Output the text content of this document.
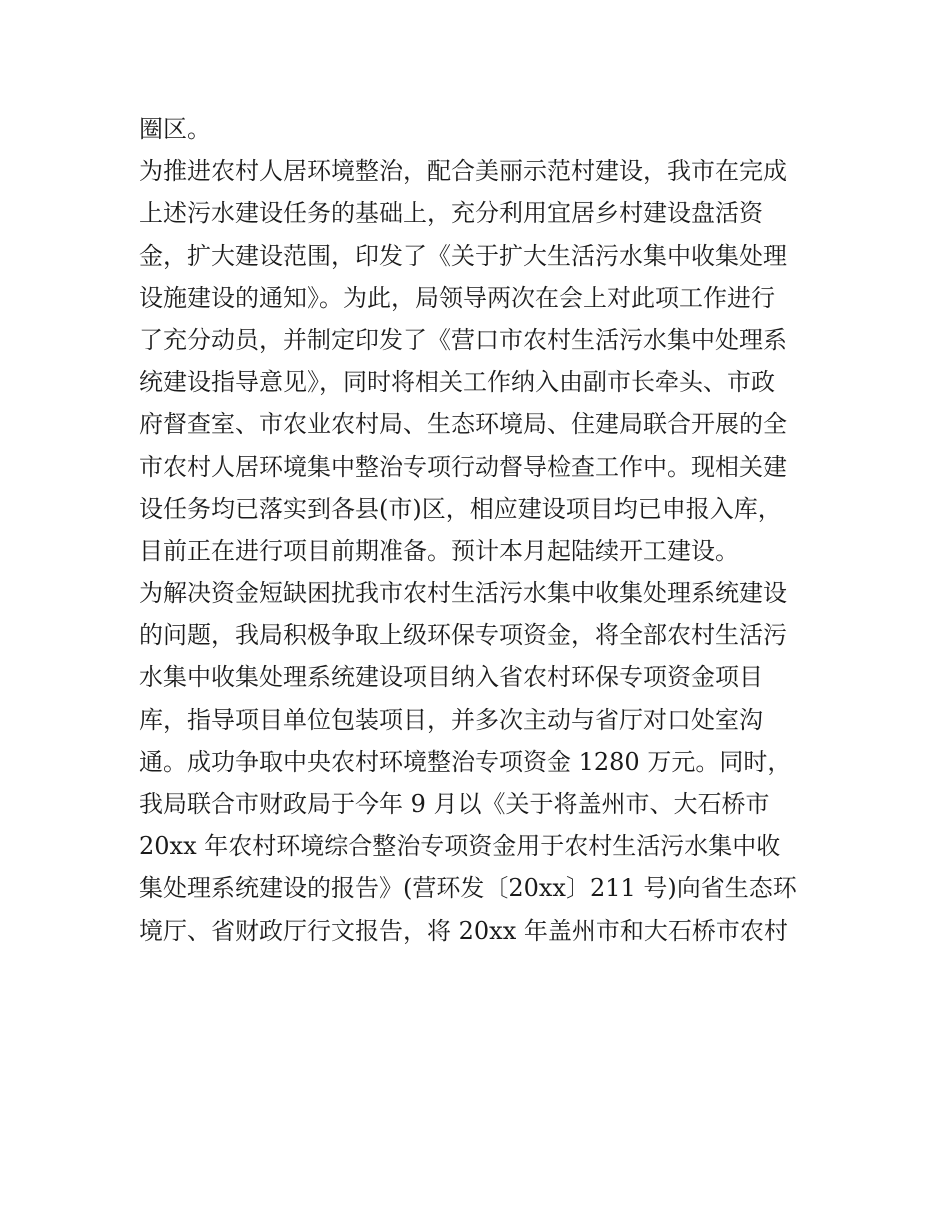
圈区。
为推进农村人居环境整治，配合美丽示范村建设，我市在完成
上述污水建设任务的基础上，充分利用宜居乡村建设盘活资
金，扩大建设范围，印发了《关于扩大生活污水集中收集处理
设施建设的通知》。为此，局领导两次在会上对此项工作进行
了充分动员，并制定印发了《营口市农村生活污水集中处理系
统建设指导意见》，同时将相关工作纳入由副市长牵头、市政
府督查室、市农业农村局、生态环境局、住建局联合开展的全
市农村人居环境集中整治专项行动督导检查工作中。现相关建
设任务均已落实到各县(市)区，相应建设项目均已申报入库，
目前正在进行项目前期准备。预计本月起陆续开工建设。
为解决资金短缺困扰我市农村生活污水集中收集处理系统建设
的问题，我局积极争取上级环保专项资金，将全部农村生活污
水集中收集处理系统建设项目纳入省农村环保专项资金项目
库，指导项目单位包装项目，并多次主动与省厅对口处室沟
通。成功争取中央农村环境整治专项资金 1280 万元。同时，
我局联合市财政局于今年 9 月以《关于将盖州市、大石桥市
20xx 年农村环境综合整治专项资金用于农村生活污水集中收
集处理系统建设的报告》(营环发〔20xx〕211 号)向省生态环
境厅、省财政厅行文报告，将 20xx 年盖州市和大石桥市农村
